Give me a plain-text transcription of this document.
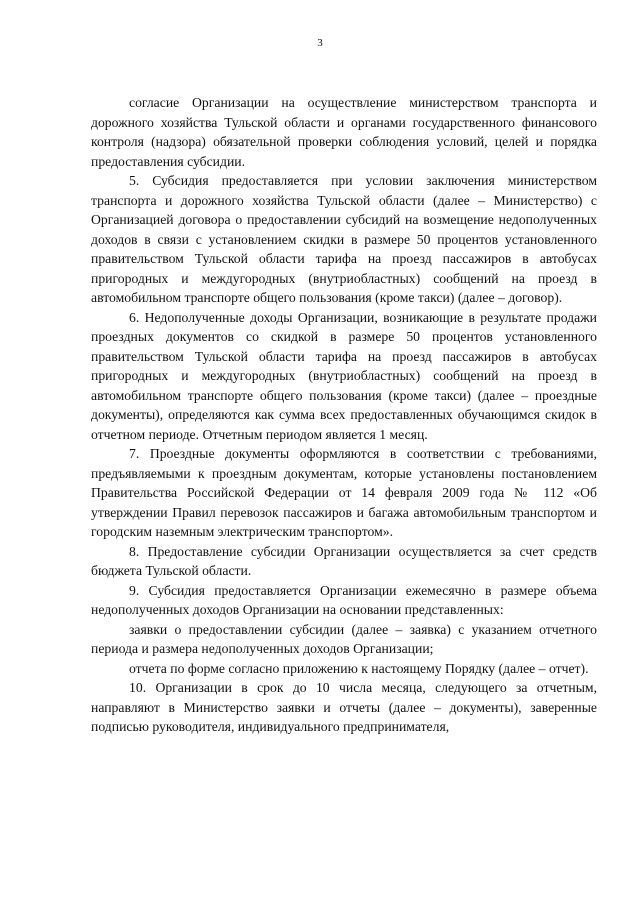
3

согласие Организации на осуществление министерством транспорта и дорожного хозяйства Тульской области и органами государственного финансового контроля (надзора) обязательной проверки соблюдения условий, целей и порядка предоставления субсидии.

5. Субсидия предоставляется при условии заключения министерством транспорта и дорожного хозяйства Тульской области (далее – Министерство) с Организацией договора о предоставлении субсидий на возмещение недополученных доходов в связи с установлением скидки в размере 50 процентов установленного правительством Тульской области тарифа на проезд пассажиров в автобусах пригородных и междугородных (внутриобластных) сообщений на проезд в автомобильном транспорте общего пользования (кроме такси) (далее – договор).

6. Недополученные доходы Организации, возникающие в результате продажи проездных документов со скидкой в размере 50 процентов установленного правительством Тульской области тарифа на проезд пассажиров в автобусах пригородных и междугородных (внутриобластных) сообщений на проезд в автомобильном транспорте общего пользования (кроме такси) (далее – проездные документы), определяются как сумма всех предоставленных обучающимся скидок в отчетном периоде. Отчетным периодом является 1 месяц.

7. Проездные документы оформляются в соответствии с требованиями, предъявляемыми к проездным документам, которые установлены постановлением Правительства Российской Федерации от 14 февраля 2009 года № 112 «Об утверждении Правил перевозок пассажиров и багажа автомобильным транспортом и городским наземным электрическим транспортом».

8. Предоставление субсидии Организации осуществляется за счет средств бюджета Тульской области.

9. Субсидия предоставляется Организации ежемесячно в размере объема недополученных доходов Организации на основании представленных:

заявки о предоставлении субсидии (далее – заявка) с указанием отчетного периода и размера недополученных доходов Организации;

отчета по форме согласно приложению к настоящему Порядку (далее – отчет).

10. Организации в срок до 10 числа месяца, следующего за отчетным, направляют в Министерство заявки и отчеты (далее – документы), заверенные подписью руководителя, индивидуального предпринимателя,
